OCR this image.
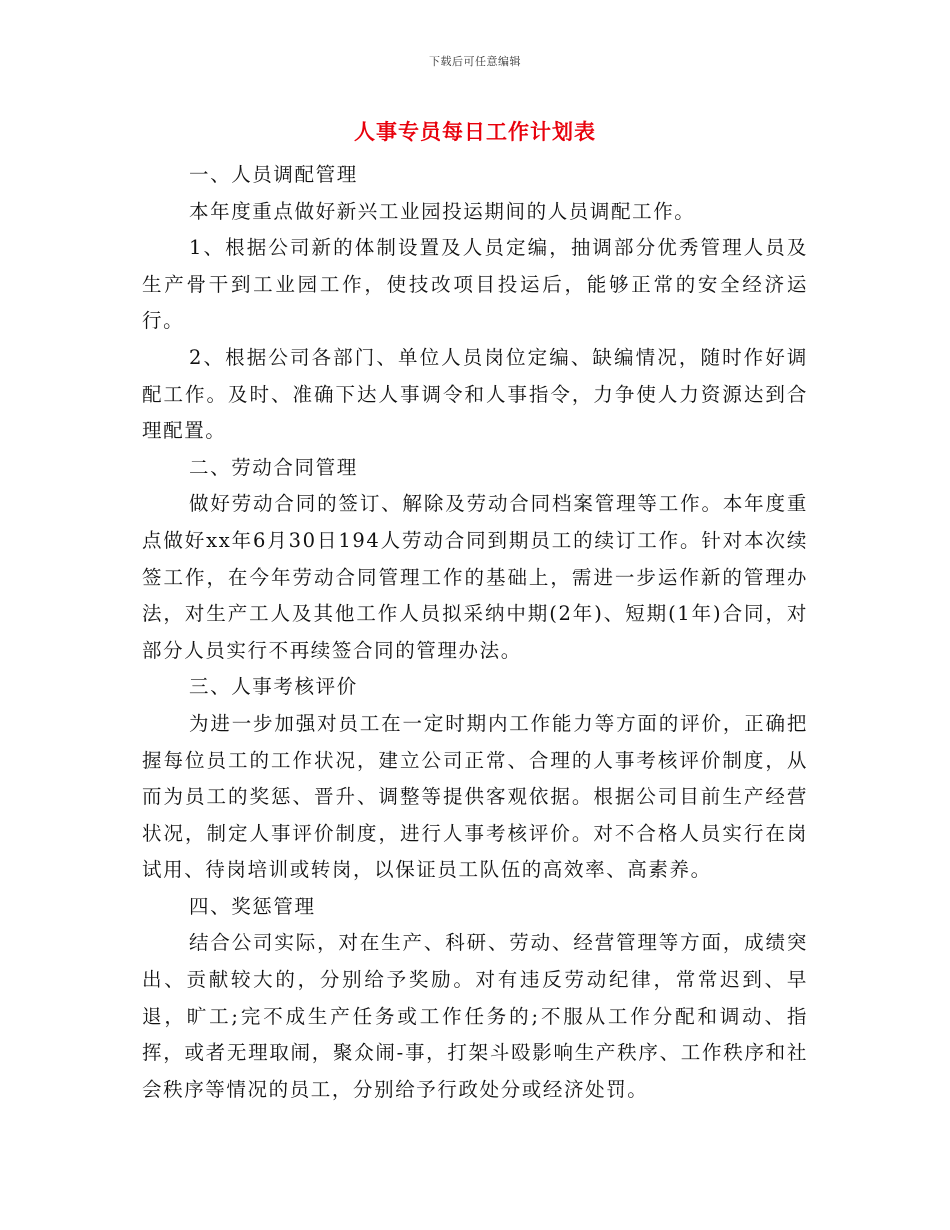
下载后可任意编辑
人事专员每日工作计划表

一、人员调配管理

本年度重点做好新兴工业园投运期间的人员调配工作。

1、根据公司新的体制设置及人员定编，抽调部分优秀管理人员及生产骨干到工业园工作，使技改项目投运后，能够正常的安全经济运行。

2、根据公司各部门、单位人员岗位定编、缺编情况，随时作好调配工作。及时、准确下达人事调令和人事指令，力争使人力资源达到合理配置。

二、劳动合同管理

做好劳动合同的签订、解除及劳动合同档案管理等工作。本年度重点做好xx年6月30日194人劳动合同到期员工的续订工作。针对本次续签工作，在今年劳动合同管理工作的基础上，需进一步运作新的管理办法，对生产工人及其他工作人员拟采纳中期(2年)、短期(1年)合同，对部分人员实行不再续签合同的管理办法。

三、人事考核评价

为进一步加强对员工在一定时期内工作能力等方面的评价，正确把握每位员工的工作状况，建立公司正常、合理的人事考核评价制度，从而为员工的奖惩、晋升、调整等提供客观依据。根据公司目前生产经营状况，制定人事评价制度，进行人事考核评价。对不合格人员实行在岗试用、待岗培训或转岗，以保证员工队伍的高效率、高素养。

四、奖惩管理

结合公司实际，对在生产、科研、劳动、经营管理等方面，成绩突出、贡献较大的，分别给予奖励。对有违反劳动纪律，常常迟到、早退，旷工;完不成生产任务或工作任务的;不服从工作分配和调动、指挥，或者无理取闹，聚众闹-事，打架斗殴影响生产秩序、工作秩序和社会秩序等情况的员工，分别给予行政处分或经济处罚。
